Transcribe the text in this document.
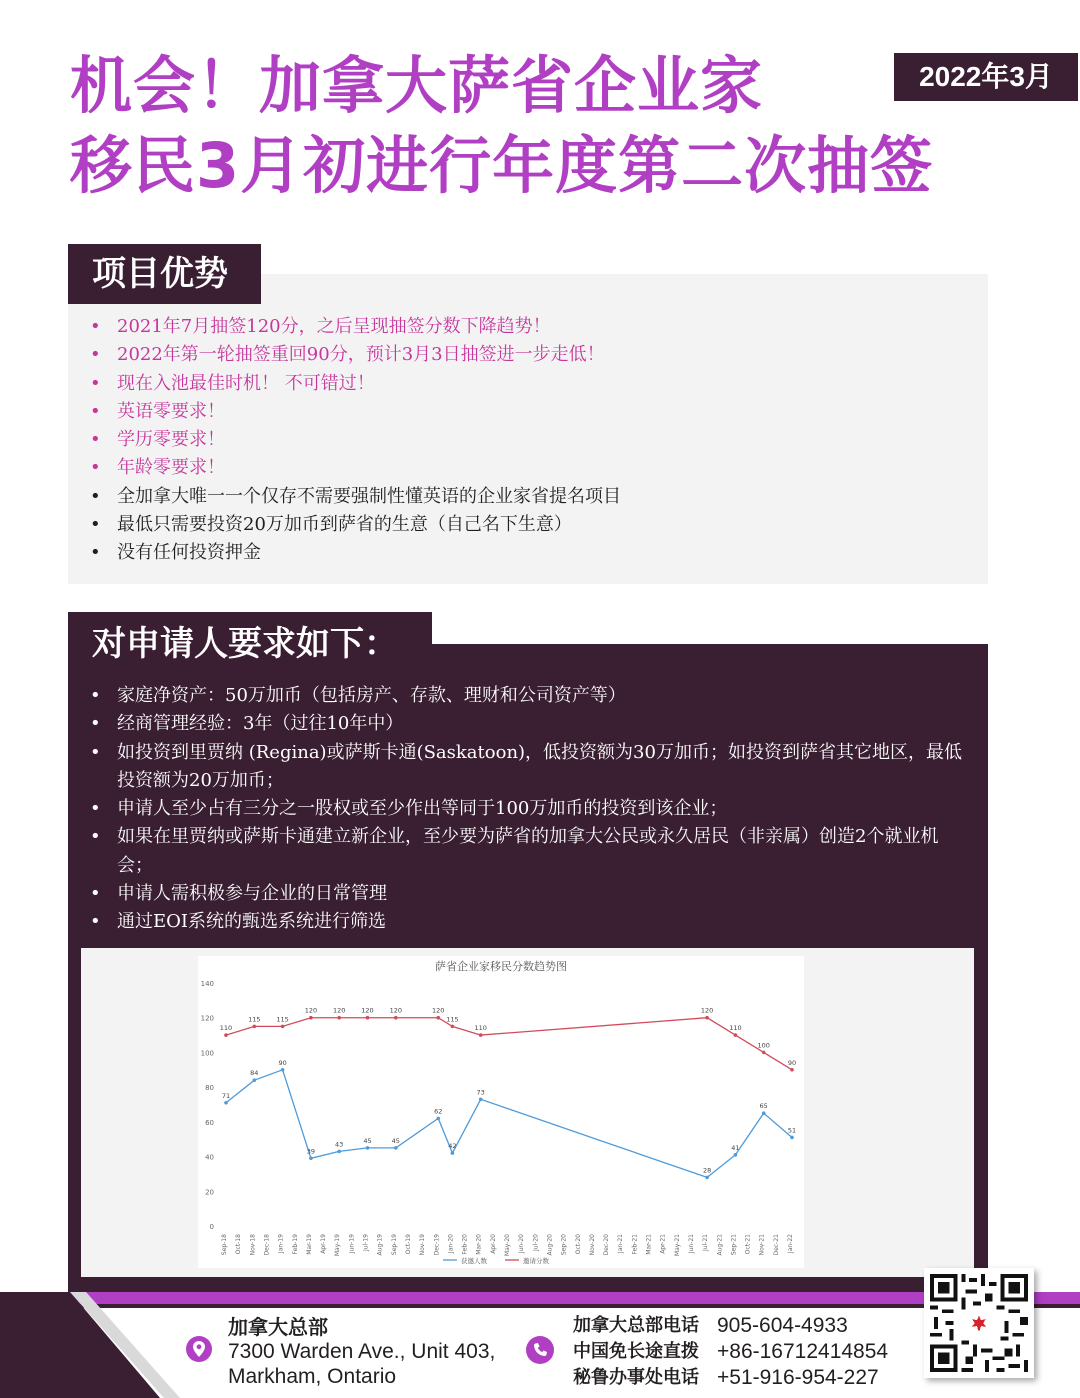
机会！加拿大萨省企业家
移民3月初进行年度第二次抽签
2022年3月
项目优势
• 2021年7月抽签120分，之后呈现抽签分数下降趋势！
• 2022年第一轮抽签重回90分，预计3月3日抽签进一步走低！
• 现在入池最佳时机！ 不可错过！
• 英语零要求！
• 学历零要求！
• 年龄零要求！
• 全加拿大唯一一个仅存不需要强制性懂英语的企业家省提名项目
• 最低只需要投资20万加币到萨省的生意（自己名下生意）
• 没有任何投资押金
对申请人要求如下：
• 家庭净资产：50万加币（包括房产、存款、理财和公司资产等）
• 经商管理经验：3年（过往10年中）
• 如投资到里贾纳 (Regina)或萨斯卡通(Saskatoon)，低投资额为30万加币；如投资到萨省其它地区，最低投资额为20万加币；
• 申请人至少占有三分之一股权或至少作出等同于100万加币的投资到该企业；
• 如果在里贾纳或萨斯卡通建立新企业，至少要为萨省的加拿大公民或永久居民（非亲属）创造2个就业机会；
• 申请人需积极参与企业的日常管理
• 通过EOI系统的甄选系统进行筛选
萨省企业家移民分数趋势图
0
20
40
60
80
100
120
140
Sep-18 Oct-18 Nov-18 Dec-18 Jan-19 Feb-19 Mar-19 Apr-19 May-19 Jun-19 Jul-19 Aug-19 Sep-19 Oct-19 Nov-19 Dec-19 Jan-20 Feb-20 Mar-20 Apr-20 May-20 Jun-20 Jul-20 Aug-20 Sep-20 Oct-20 Nov-20 Dec-20 Jan-21 Feb-21 Mar-21 Apr-21 May-21 Jun-21 Jul-21 Aug-21 Sep-21 Oct-21 Nov-21 Dec-21 Jan-22
110
115 115
120 120 120 120	120
115
110
120
110
100
90
71
84
90
39
43	45	45
62
42
73
28
41
65
51
获邀人数	邀请分数
加拿大总部
7300 Warden Ave., Unit 403,
Markham, Ontario
加拿大总部电话 905-604-4933
中国免长途直拨 +86-16712414854
秘鲁办事处电话 +51-916-954-227
